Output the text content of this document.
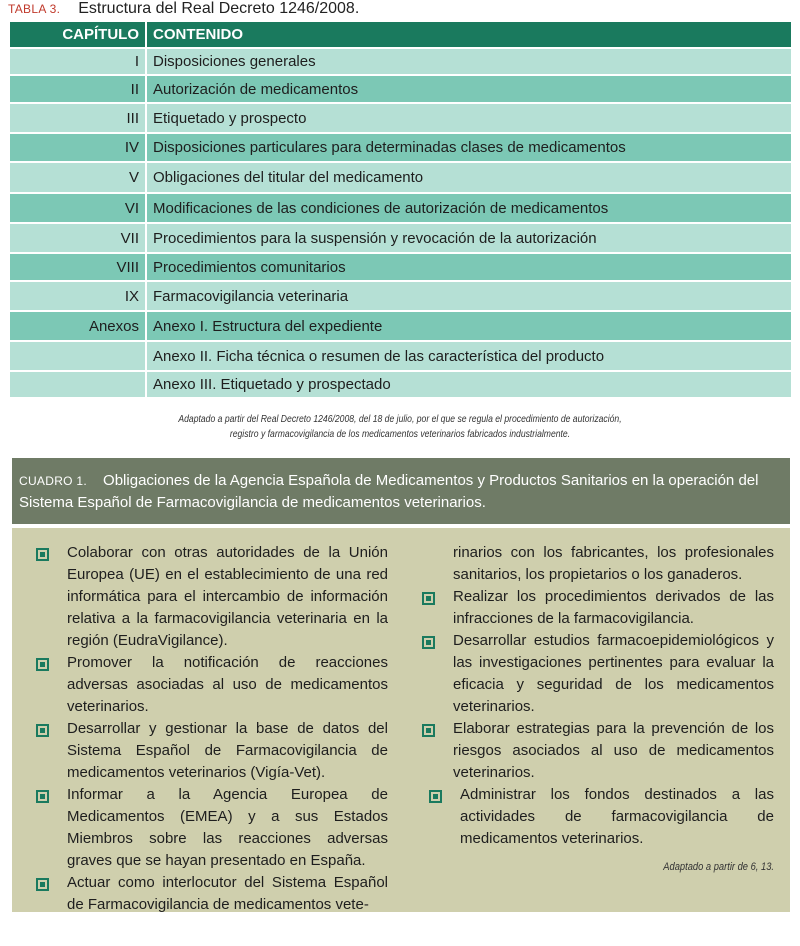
TABLA 3. Estructura del Real Decreto 1246/2008.
CAPÍTULO	CONTENIDO
I	Disposiciones generales
II	Autorización de medicamentos
III	Etiquetado y prospecto
IV	Disposiciones particulares para determinadas clases de medicamentos
V	Obligaciones del titular del medicamento
VI	Modificaciones de las condiciones de autorización de medicamentos
VII	Procedimientos para la suspensión y revocación de la autorización
VIII	Procedimientos comunitarios
IX	Farmacovigilancia veterinaria
Anexos	Anexo I. Estructura del expediente
	Anexo II. Ficha técnica o resumen de las característica del producto
	Anexo III. Etiquetado y prospectado
Adaptado a partir del Real Decreto 1246/2008, del 18 de julio, por el que se regula el procedimiento de autorización,
registro y farmacovigilancia de los medicamentos veterinarios fabricados industrialmente.
CUADRO 1. Obligaciones de la Agencia Española de Medicamentos y Productos Sanitarios en la operación del Sistema Español de Farmacovigilancia de medicamentos veterinarios.
Colaborar con otras autoridades de la Unión Europea (UE) en el establecimiento de una red informática para el intercambio de información relativa a la farmacovigilancia veterinaria en la región (EudraVigilance).
Promover la notificación de reacciones adversas asociadas al uso de medicamentos veterinarios.
Desarrollar y gestionar la base de datos del Sistema Español de Farmacovigilancia de medicamentos veterinarios (Vigía-Vet).
Informar a la Agencia Europea de Medicamentos (EMEA) y a sus Estados Miembros sobre las reacciones adversas graves que se hayan presentado en España.
Actuar como interlocutor del Sistema Español de Farmacovigilancia de medicamentos vete-
rinarios con los fabricantes, los profesionales sanitarios, los propietarios o los ganaderos.
Realizar los procedimientos derivados de las infracciones de la farmacovigilancia.
Desarrollar estudios farmacoepidemiológicos y las investigaciones pertinentes para evaluar la eficacia y seguridad de los medicamentos veterinarios.
Elaborar estrategias para la prevención de los riesgos asociados al uso de medicamentos veterinarios.
Administrar los fondos destinados a las actividades de farmacovigilancia de medicamentos veterinarios.
Adaptado a partir de 6, 13.
